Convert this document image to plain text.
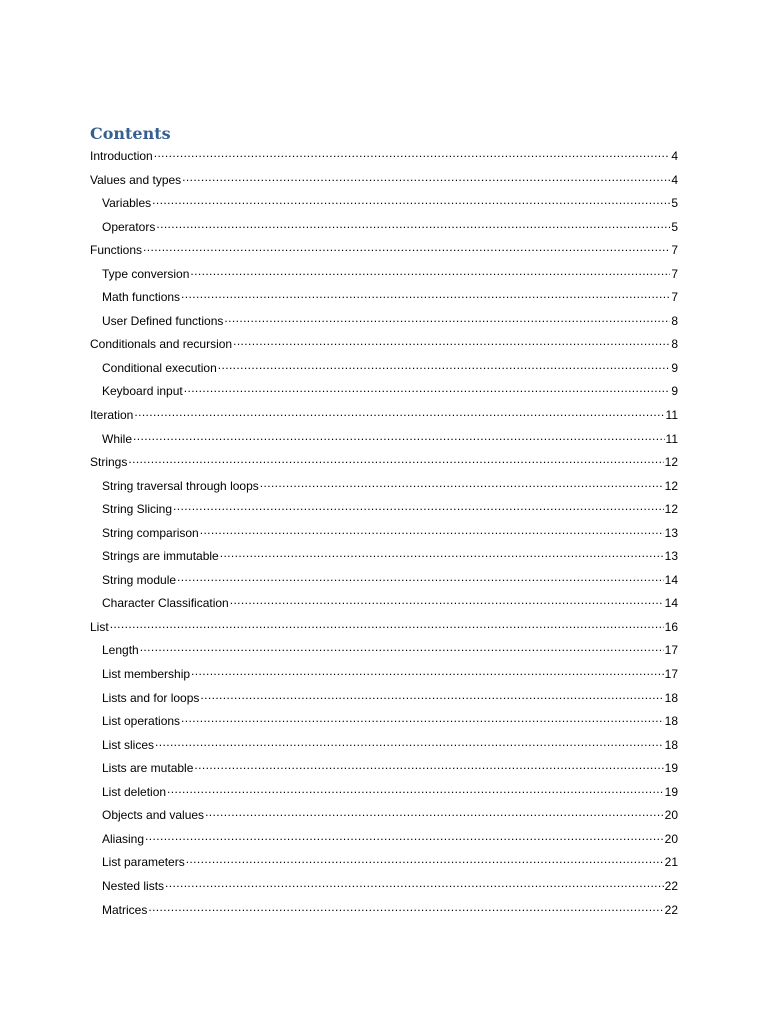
Contents
Introduction .....	4
Values and types .....	4
Variables .....	5
Operators .....	5
Functions .....	7
Type conversion .....	7
Math functions .....	7
User Defined functions .....	8
Conditionals and recursion .....	8
Conditional execution .....	9
Keyboard input .....	9
Iteration .....	11
While .....	11
Strings .....	12
String traversal through loops .....	12
String Slicing .....	12
String comparison .....	13
Strings are immutable .....	13
String module .....	14
Character Classification .....	14
List .....	16
Length .....	17
List membership .....	17
Lists and for loops .....	18
List operations .....	18
List slices .....	18
Lists are mutable .....	19
List deletion .....	19
Objects and values .....	20
Aliasing .....	20
List parameters .....	21
Nested lists .....	22
Matrices .....	22
